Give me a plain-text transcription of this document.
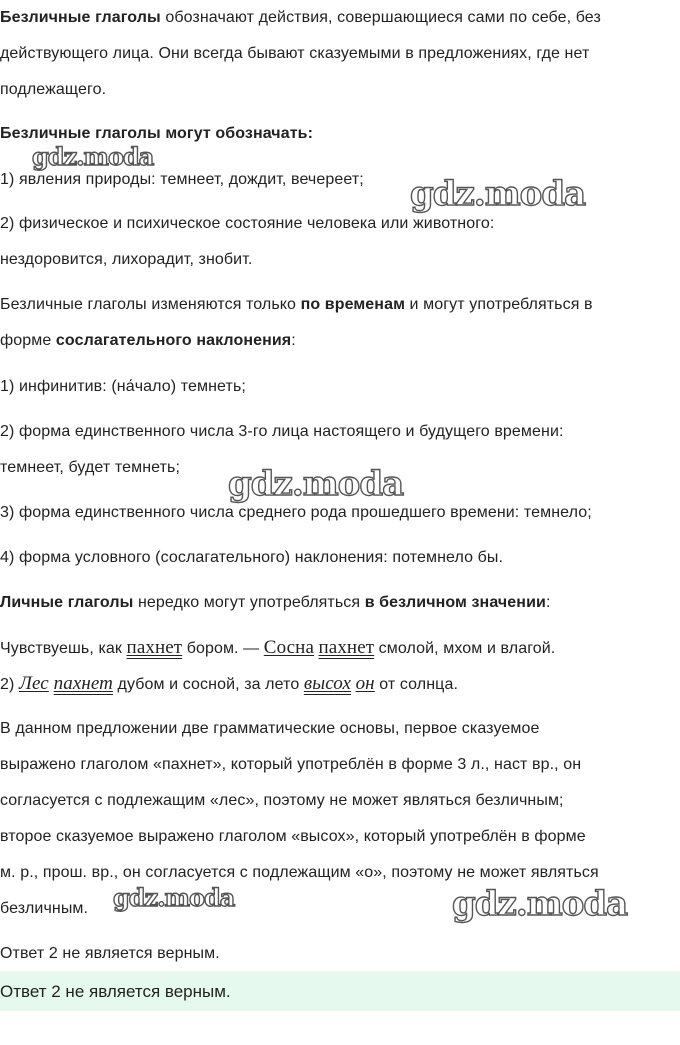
Безличные глаголы обозначают действия, совершающиеся сами по себе, без
действующего лица. Они всегда бывают сказуемыми в предложениях, где нет
подлежащего.
Безличные глаголы могут обозначать:
1) явления природы: темнеет, дождит, вечереет;
2) физическое и психическое состояние человека или животного:
нездоровится, лихорадит, знобит.
Безличные глаголы изменяются только по временам и могут употребляться в
форме сослагательного наклонения:
1) инфинитив: (на́чало) темнеть;
2) форма единственного числа 3-го лица настоящего и будущего времени:
темнеет, будет темнеть;
3) форма единственного числа среднего рода прошедшего времени: темнело;
4) форма условного (сослагательного) наклонения: потемнело бы.
Личные глаголы нередко могут употребляться в безличном значении:
Чувствуешь, как пахнет бором. — Сосна пахнет смолой, мхом и влагой.
2) Лес пахнет дубом и сосной, за лето высох он от солнца.
В данном предложении две грамматические основы, первое сказуемое
выражено глаголом «пахнет», который употреблён в форме 3 л., наст вр., он
согласуется с подлежащим «лес», поэтому не может являться безличным;
второе сказуемое выражено глаголом «высох», который употреблён в форме
м. р., прош. вр., он согласуется с подлежащим «о», поэтому не может являться
безличным.
Ответ 2 не является верным.
Ответ 2 не является верным.
gdz.moda
gdz.moda
gdz.moda
gdz.moda	gdz.moda
